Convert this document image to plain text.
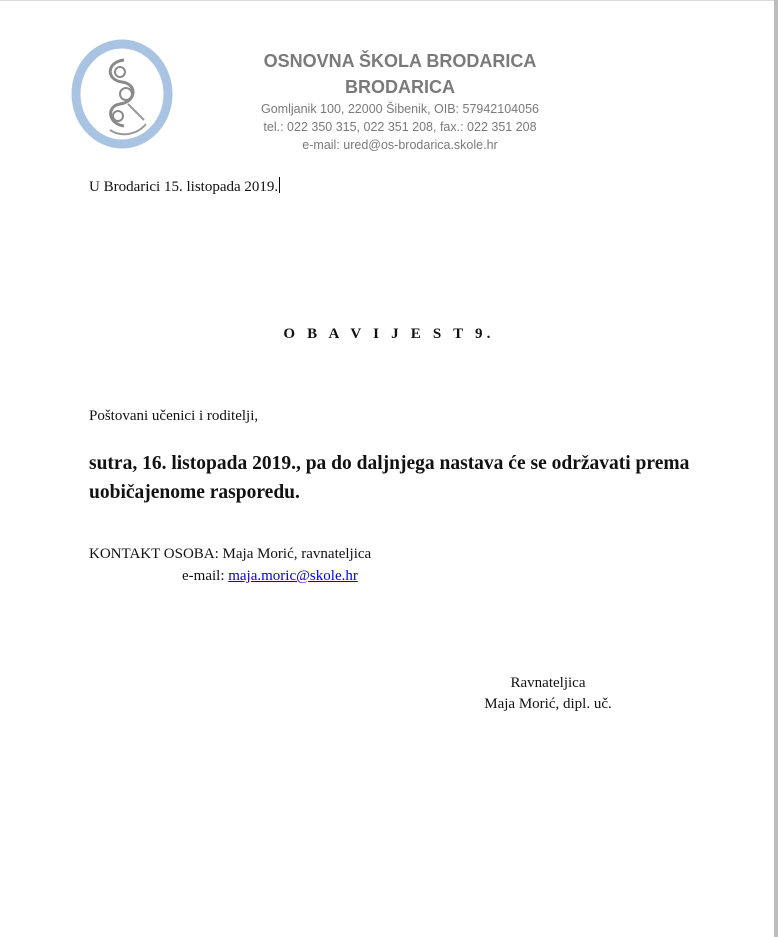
OSNOVNA ŠKOLA BRODARICA

BRODARICA

Gomljanik 100, 22000 Šibenik, OIB: 57942104056

tel.: 022 350 315, 022 351 208, fax.: 022 351 208

e-mail: ured@os-brodarica.skole.hr

U Brodarici 15. listopada 2019.
O B A V I J E S T 9.
Poštovani učenici i roditelji,
sutra, 16. listopada 2019., pa do daljnjega nastava će se održavati prema uobičajenome rasporedu.
KONTAKT OSOBA: Maja Morić, ravnateljica
e-mail: maja.moric@skole.hr
Ravnateljica
Maja Morić, dipl. uč.
